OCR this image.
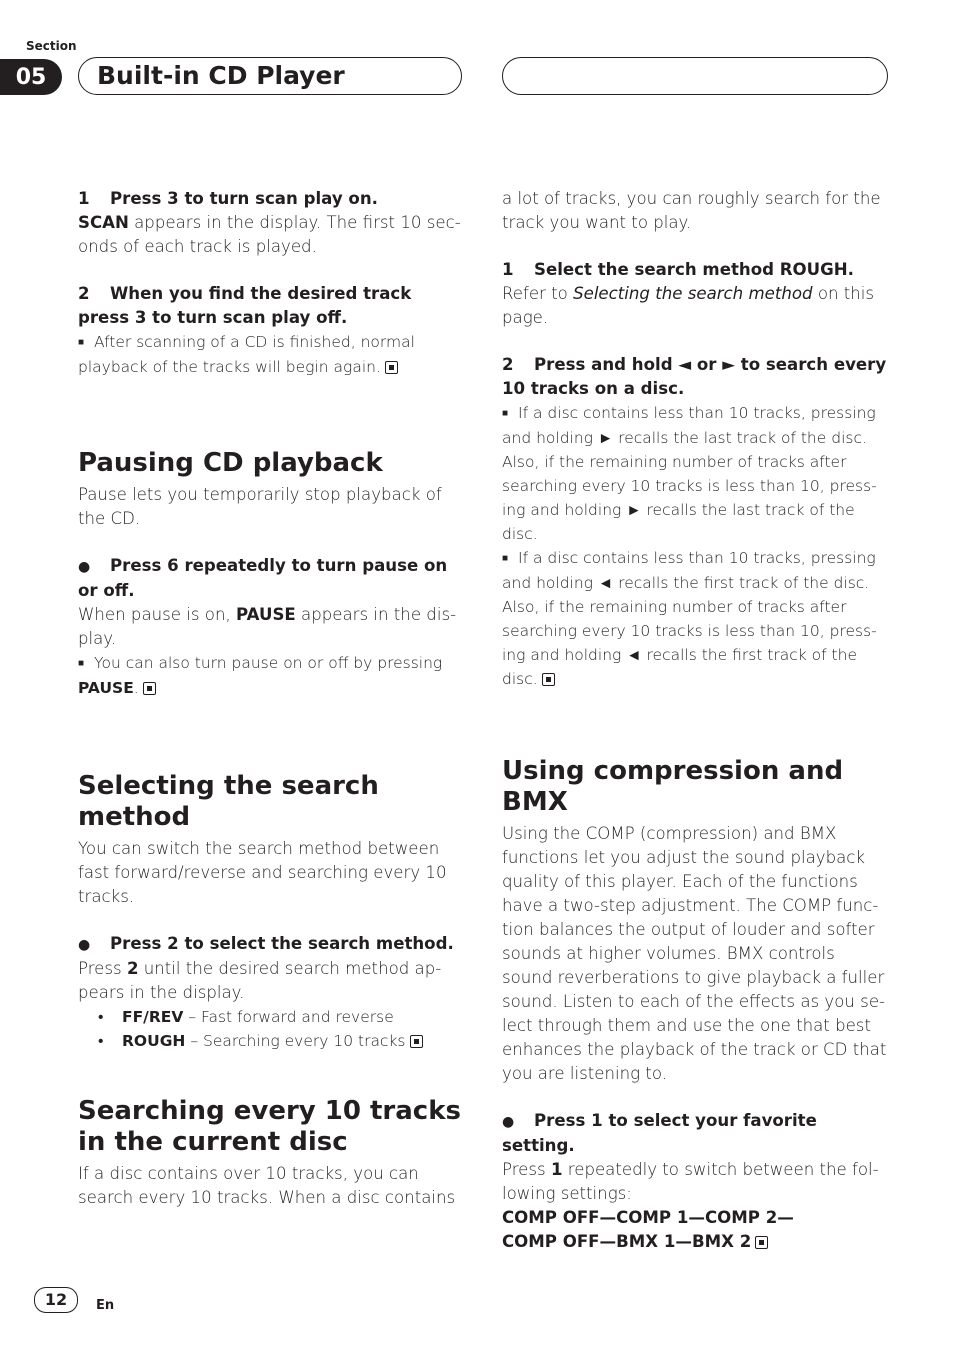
Section
05	Built-in CD Player

1 Press 3 to turn scan play on.

SCAN appears in the display. The first 10 sec-onds of each track is played.

2 When you find the desired track press 3 to turn scan play off.

■ After scanning of a CD is finished, normal playback of the tracks will begin again.

Pausing CD playback

Pause lets you temporarily stop playback of the CD.

● Press 6 repeatedly to turn pause on or off.

When pause is on, PAUSE appears in the dis-play.

■ You can also turn pause on or off by pressing PAUSE.

Selecting the search method

You can switch the search method between fast forward/reverse and searching every 10 tracks.

● Press 2 to select the search method.

Press 2 until the desired search method ap-pears in the display.

• FF/REV – Fast forward and reverse

• ROUGH – Searching every 10 tracks

Searching every 10 tracks in the current disc

If a disc contains over 10 tracks, you can search every 10 tracks. When a disc contains

a lot of tracks, you can roughly search for the track you want to play.

1 Select the search method ROUGH.

Refer to Selecting the search method on this page.

2 Press and hold ◄ or ► to search every 10 tracks on a disc.

■ If a disc contains less than 10 tracks, pressing and holding ► recalls the last track of the disc. Also, if the remaining number of tracks after searching every 10 tracks is less than 10, press-ing and holding ► recalls the last track of the disc.

■ If a disc contains less than 10 tracks, pressing and holding ◄ recalls the first track of the disc. Also, if the remaining number of tracks after searching every 10 tracks is less than 10, press-ing and holding ◄ recalls the first track of the disc.

Using compression and BMX

Using the COMP (compression) and BMX functions let you adjust the sound playback quality of this player. Each of the functions have a two-step adjustment. The COMP func-tion balances the output of louder and softer sounds at higher volumes. BMX controls sound reverberations to give playback a fuller sound. Listen to each of the effects as you se-lect through them and use the one that best enhances the playback of the track or CD that you are listening to.

● Press 1 to select your favorite setting.

Press 1 repeatedly to switch between the fol-lowing settings:

COMP OFF—COMP 1—COMP 2—

COMP OFF—BMX 1—BMX 2

12	En
